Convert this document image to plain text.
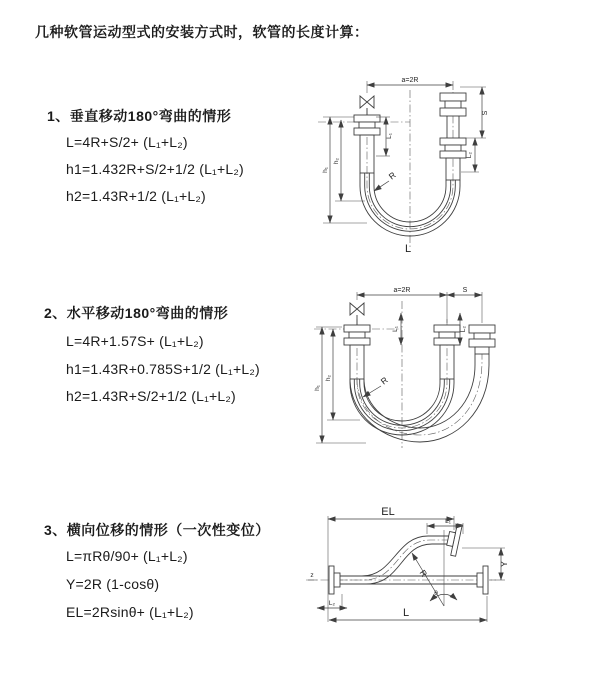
几种软管运动型式的安装方式时，软管的长度计算：
1、垂直移动180°弯曲的情形
L=4R+S/2+ (L₁+L₂)
h1=1.432R+S/2+1/2 (L₁+L₂)
h2=1.43R+1/2 (L₁+L₂)
a=2R
S
L₂
L₁
h₁
h₂
R
L
2、水平移动180°弯曲的情形
L=4R+1.57S+ (L₁+L₂)
h1=1.43R+0.785S+1/2 (L₁+L₂)
h2=1.43R+S/2+1/2 (L₁+L₂)
a=2R	S
h₁
h₂
L₁	L₂
R
3、横向位移的情形（一次性变位）
L=πRθ/90+ (L₁+L₂)
Y=2R (1-cosθ)
EL=2Rsinθ+ (L₁+L₂)
θ
R
EL
L₁
Y
L
L₂
z
